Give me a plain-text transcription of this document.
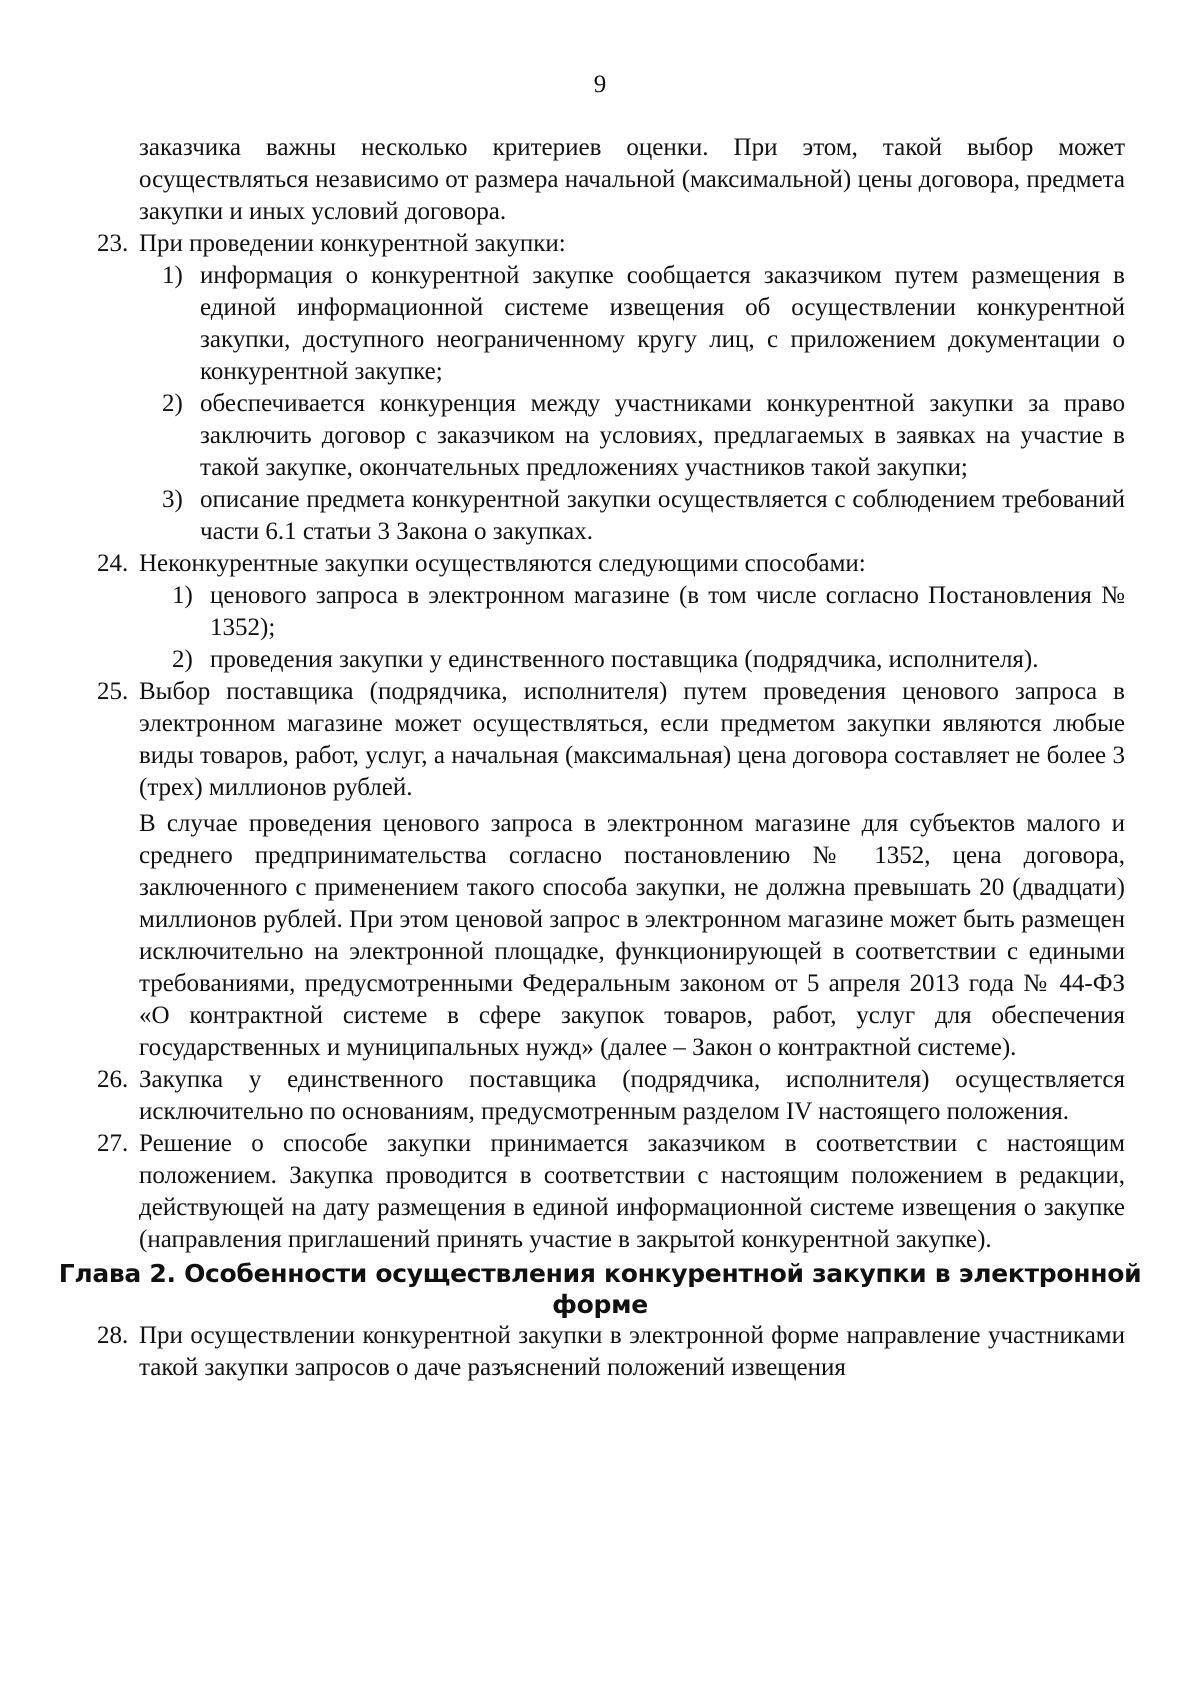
9

заказчика важны несколько критериев оценки. При этом, такой выбор может осуществляться независимо от размера начальной (максимальной) цены договора, предмета закупки и иных условий договора.

23. При проведении конкурентной закупки:
1) информация о конкурентной закупке сообщается заказчиком путем размещения в единой информационной системе извещения об осуществлении конкурентной закупки, доступного неограниченному кругу лиц, с приложением документации о конкурентной закупке;
2) обеспечивается конкуренция между участниками конкурентной закупки за право заключить договор с заказчиком на условиях, предлагаемых в заявках на участие в такой закупке, окончательных предложениях участников такой закупки;
3) описание предмета конкурентной закупки осуществляется с соблюдением требований части 6.1 статьи 3 Закона о закупках.
24. Неконкурентные закупки осуществляются следующими способами:
1) ценового запроса в электронном магазине (в том числе согласно Постановления № 1352);
2) проведения закупки у единственного поставщика (подрядчика, исполнителя).
25. Выбор поставщика (подрядчика, исполнителя) путем проведения ценового запроса в электронном магазине может осуществляться, если предметом закупки являются любые виды товаров, работ, услуг, а начальная (максимальная) цена договора составляет не более 3 (трех) миллионов рублей.

В случае проведения ценового запроса в электронном магазине для субъектов малого и среднего предпринимательства согласно постановлению № 1352, цена договора, заключенного с применением такого способа закупки, не должна превышать 20 (двадцати) миллионов рублей. При этом ценовой запрос в электронном магазине может быть размещен исключительно на электронной площадке, функционирующей в соответствии с едиными требованиями, предусмотренными Федеральным законом от 5 апреля 2013 года № 44-ФЗ «О контрактной системе в сфере закупок товаров, работ, услуг для обеспечения государственных и муниципальных нужд» (далее – Закон о контрактной системе).

26. Закупка у единственного поставщика (подрядчика, исполнителя) осуществляется исключительно по основаниям, предусмотренным разделом IV настоящего положения.
27. Решение о способе закупки принимается заказчиком в соответствии с настоящим положением. Закупка проводится в соответствии с настоящим положением в редакции, действующей на дату размещения в единой информационной системе извещения о закупке (направления приглашений принять участие в закрытой конкурентной закупке).
Глава 2. Особенности осуществления конкурентной закупки в электронной
форме
28. При осуществлении конкурентной закупки в электронной форме направление участниками такой закупки запросов о даче разъяснений положений извещения
